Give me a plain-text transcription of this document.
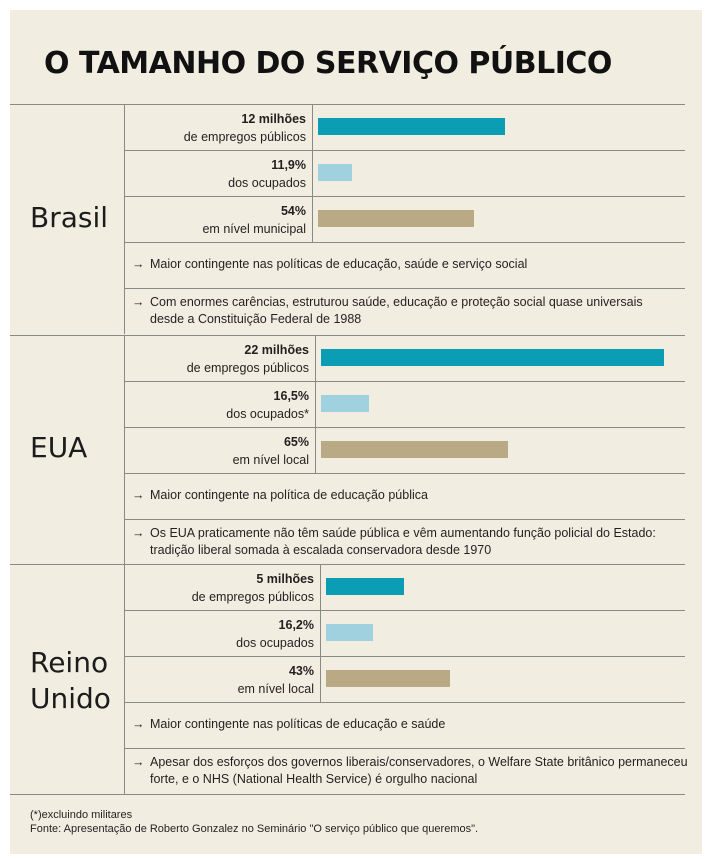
O TAMANHO DO SERVIÇO PÚBLICO
Brasil
12 milhões
de empregos públicos
11,9%
dos ocupados
54%
em nível municipal
→ Maior contingente nas políticas de educação, saúde e serviço social
→ Com enormes carências, estruturou saúde, educação e proteção social quase universais
desde a Constituição Federal de 1988
EUA
22 milhões
de empregos públicos
16,5%
dos ocupados*
65%
em nível local
→ Maior contingente na política de educação pública
→ Os EUA praticamente não têm saúde pública e vêm aumentando função policial do Estado:
tradição liberal somada à escalada conservadora desde 1970
Reino
Unido
5 milhões
de empregos públicos
16,2%
dos ocupados
43%
em nível local
→ Maior contingente nas políticas de educação e saúde
→ Apesar dos esforços dos governos liberais/conservadores, o Welfare State britânico permaneceu
forte, e o NHS (National Health Service) é orgulho nacional
(*)excluindo militares
Fonte: Apresentação de Roberto Gonzalez no Seminário "O serviço público que queremos".
